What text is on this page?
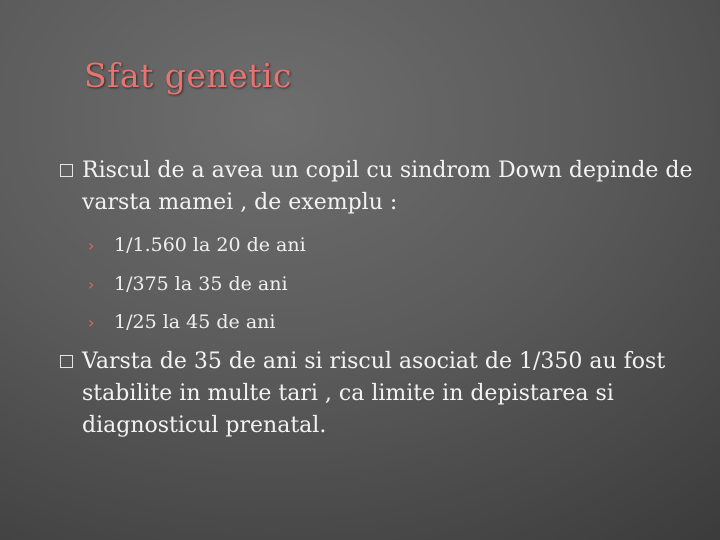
Sfat genetic
Riscul de a avea un copil cu sindrom Down depinde de varsta mamei , de exemplu :
› 1/1.560 la 20 de ani
› 1/375 la 35 de ani
› 1/25 la 45 de ani
Varsta de 35 de ani si riscul asociat de 1/350 au fost stabilite in multe tari , ca limite in depistarea si diagnosticul prenatal.
